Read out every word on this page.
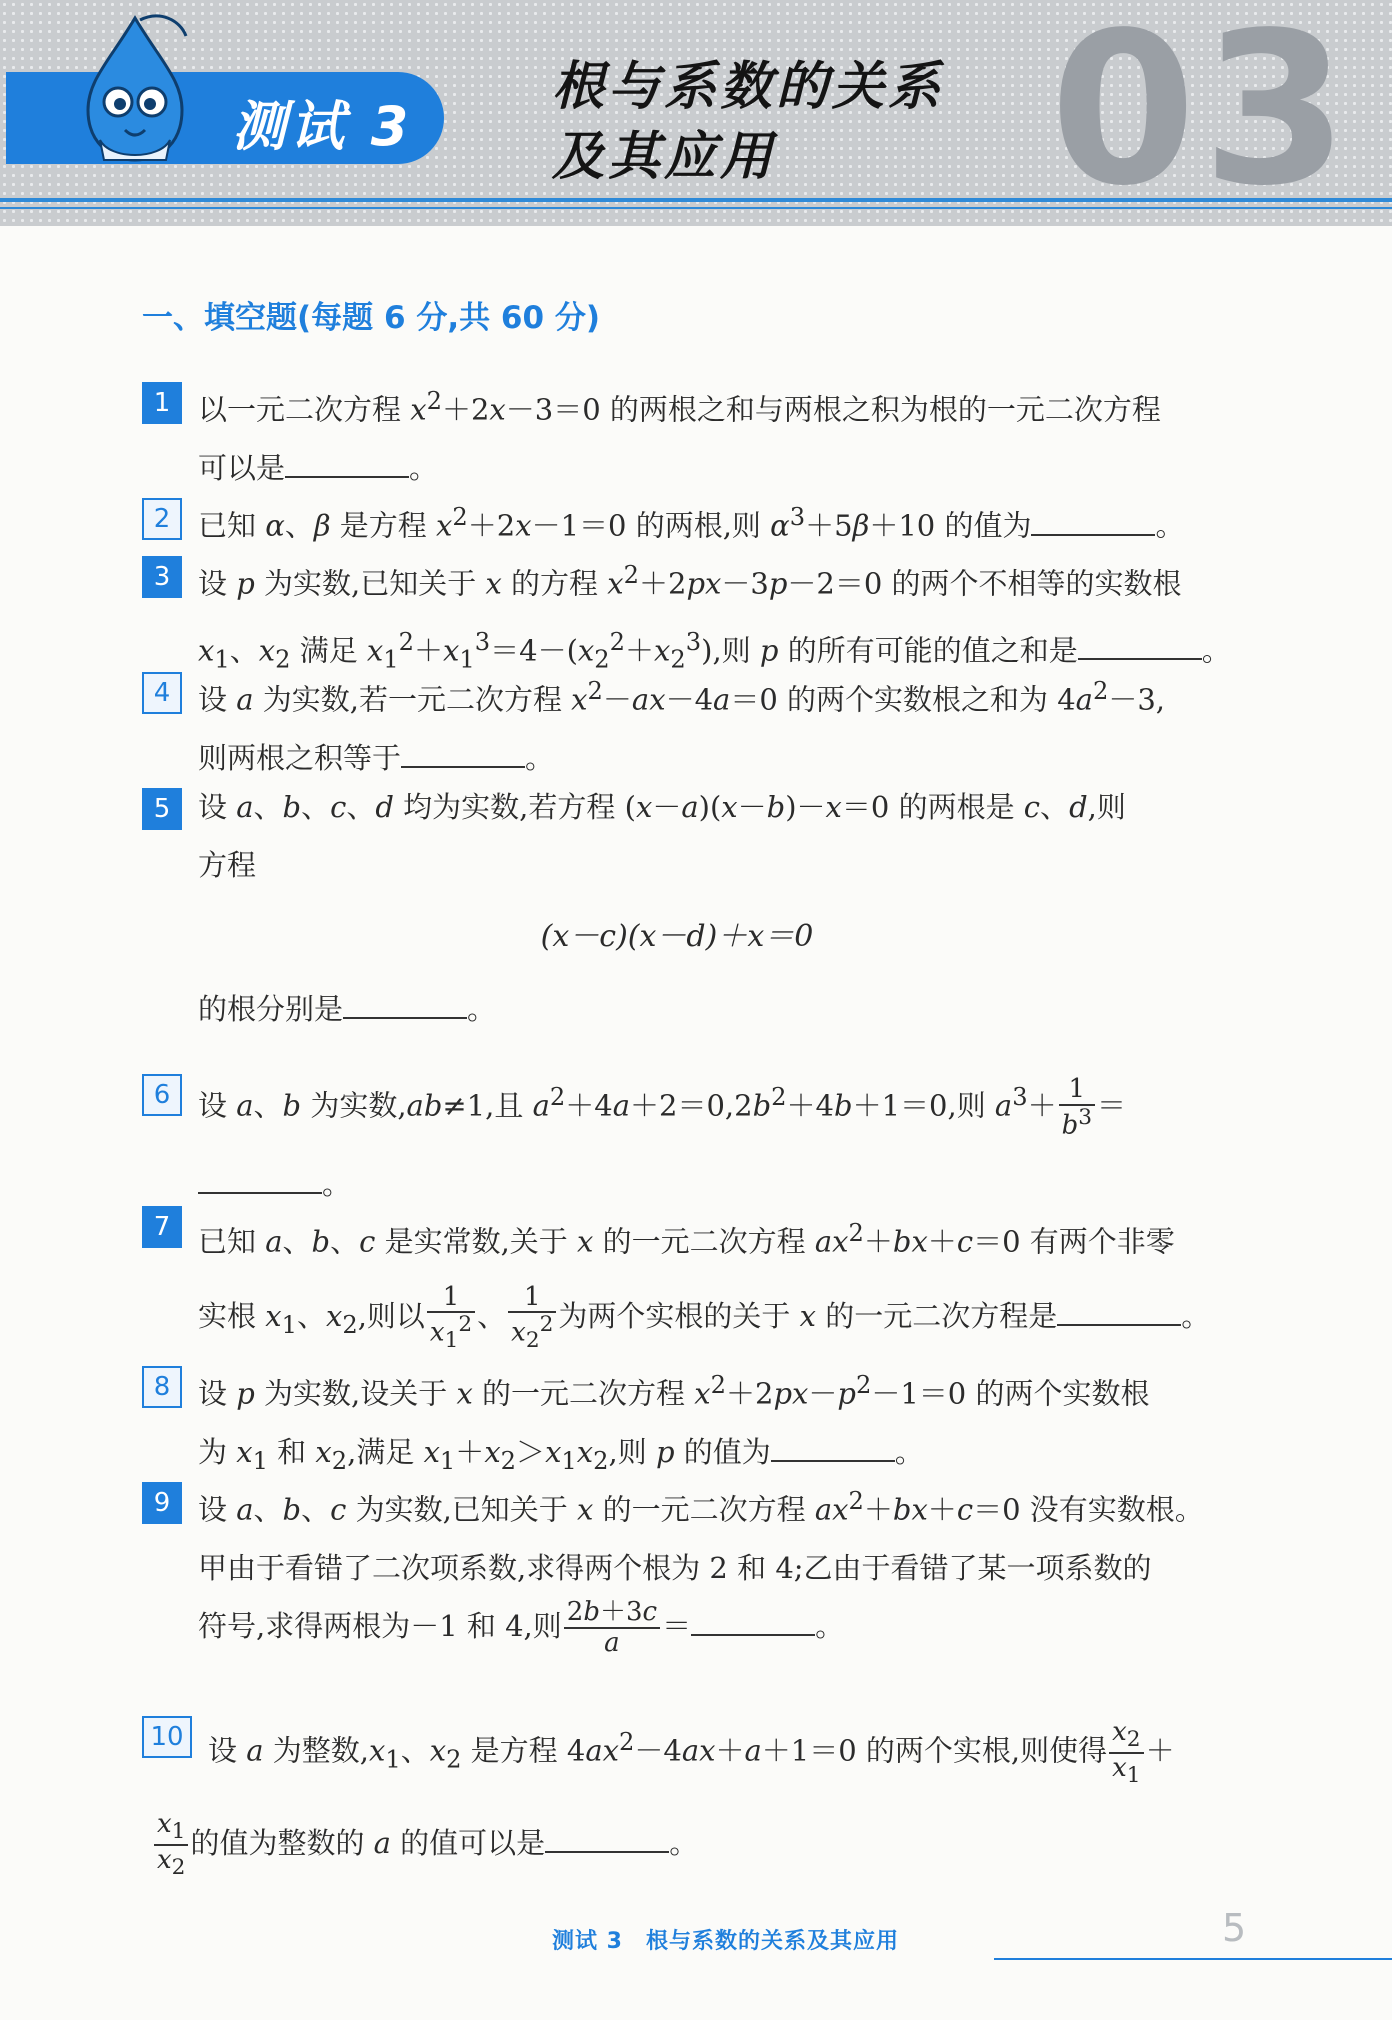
测试 3
根与系数的关系
及其应用	03
一、填空题(每题 6 分,共 60 分)
1 以一元二次方程 $x^2+2x-3=0$ 的两根之和与两根之积为根的一元二次方程
可以是	。
2 已知 α、β 是方程 $x^2+2x-1=0$ 的两根,则 $\alpha^3+5\beta+10$ 的值为	。
3 设 p 为实数,已知关于 x 的方程 $x^2+2px-3p-2=0$ 的两个不相等的实数根
$x_1$、$x_2$ 满足 $x_1^2+x_1^3=4-(x_2^2+x_2^3)$,则 p 的所有可能的值之和是	。
4 设 a 为实数,若一元二次方程 $x^2-ax-4a=0$ 的两个实数根之和为 $4a^2-3$,
则两根之积等于	。
5 设 a、b、c、d 均为实数,若方程 (x－a)(x－b)－x＝0 的两根是 c、d,则
方程
(x－c)(x－d)＋x＝0
的根分别是	。
6 设 a、b 为实数,ab≠1,且 $a^2+4a+2=0,2b^2+4b+1=0$,则 $a^3+ \frac{1}{b^3}$ ＝
。
7 已知 a、b、c 是实常数,关于 x 的一元二次方程 $ax^2+bx+c=0$ 有两个非零
实根 $x_1$、$x_2$,则以 $\frac{1}{x_1^2}$ 、 $\frac{1}{x_2^2}$ 为两个实根的关于 x 的一元二次方程是	。
8 设 p 为实数,设关于 x 的一元二次方程 $x^2+2px-p^2-1=0$ 的两个实数根
为 $x_1$ 和 $x_2$,满足 $x_1+x_2>x_1x_2$,则 p 的值为	。
9 设 a、b、c 为实数,已知关于 x 的一元二次方程 $ax^2+bx+c=0$ 没有实数根。
甲由于看错了二次项系数,求得两个根为 2 和 4;乙由于看错了某一项系数的
符号,求得两根为－1 和 4,则 $\frac{2b+3c}{a}$ ＝	。
10 设 a 为整数$,x_1$、$x_2$ 是方程 $4ax^2-4ax+a+1=0$ 的两个实根,则使得 $\frac{x_2}{x_1}$ ＋

$\frac{x_1}{x_2}$ 的值为整数的 a 的值可以是	。
测试 3　根与系数的关系及其应用	5
